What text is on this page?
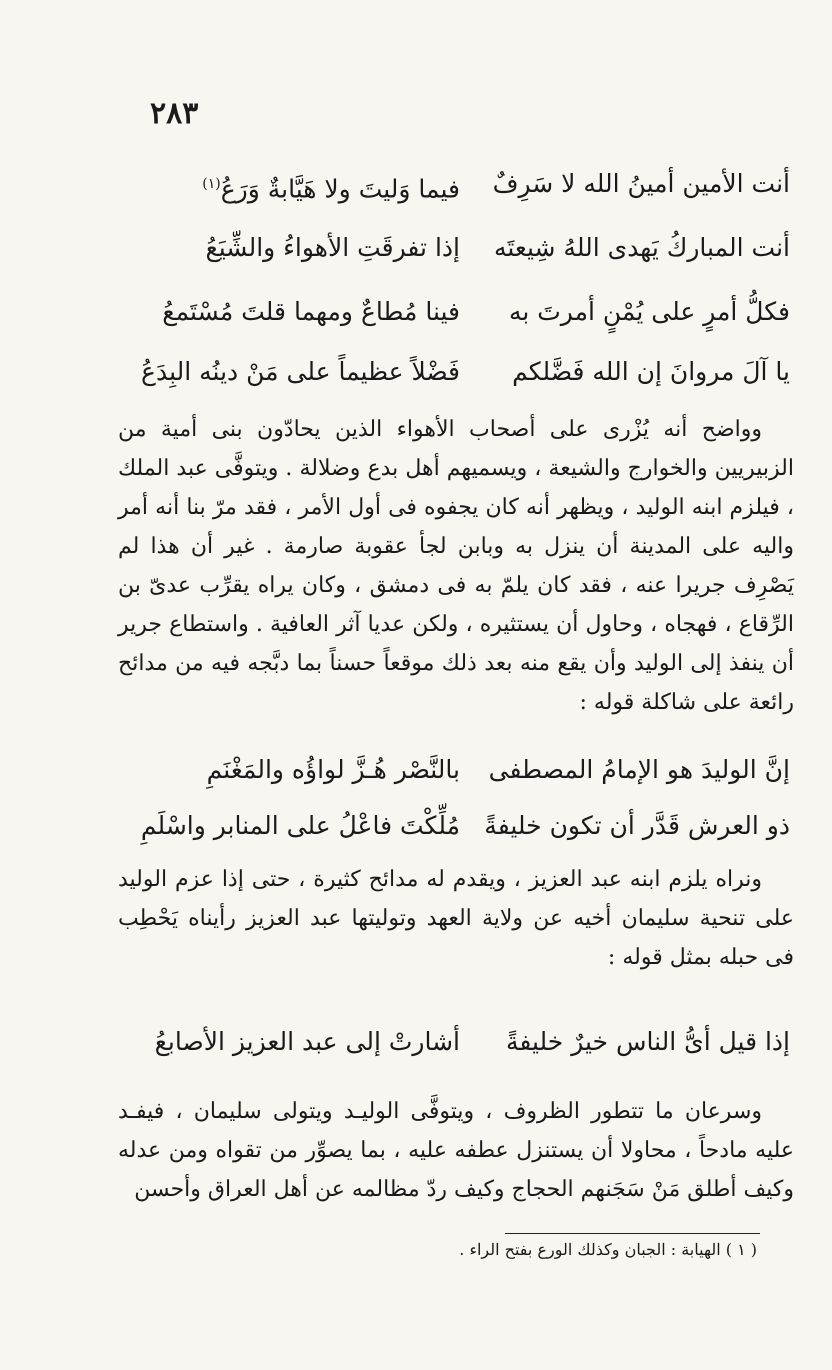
٢٨٣
أنت الأمين أمينُ الله لا سَرِفٌ
فيما وَليتَ ولا هَيَّابةٌ وَرَعُ$^{(١)}$
أنت المباركُ يَهدى اللهُ شِيعتَه
إذا تفرقَتِ الأهواءُ والشِّيَعُ
فكلُّ أمرٍ على يُمْنٍ أمرتَ به
فينا مُطاعٌ ومهما قلتَ مُسْتَمعُ
يا آلَ مروانَ إن الله فَضَّلكم
فَضْلاً عظيماً على مَنْ دينُه البِدَعُ

وواضح أنه يُزْرى على أصحاب الأهواء الذين يحادّون بنى أمية من الزبيريين والخوارج والشيعة ، ويسميهم أهل بدع وضلالة . ويتوفَّى عبد الملك ، فيلزم ابنه الوليد ، ويظهر أنه كان يجفوه فى أول الأمر ، فقد مرّ بنا أنه أمر واليه على المدينة أن ينزل به وبابن لجأ عقوبة صارمة . غير أن هذا لم يَصْرِف جريرا عنه ، فقد كان يلمّ به فى دمشق ، وكان يراه يقرِّب عدىّ بن الرِّقاع ، فهجاه ، وحاول أن يستثيره ، ولكن عديا آثر العافية . واستطاع جرير أن ينفذ إلى الوليد وأن يقع منه بعد ذلك موقعاً حسناً بما دبَّجه فيه من مدائح رائعة على شاكلة قوله :

إنَّ الوليدَ هو الإمامُ المصطفى
بالنَّصْر هُـزَّ لواؤُه والمَغْنَمِ
ذو العرش قَدَّر أن تكون خليفةً
مُلِّكْتَ فاعْلُ على المنابر واسْلَمِ

ونراه يلزم ابنه عبد العزيز ، ويقدم له مدائح كثيرة ، حتى إذا عزم الوليد على تنحية سليمان أخيه عن ولاية العهد وتوليتها عبد العزيز رأيناه يَحْطِب فى حبله بمثل قوله :

إذا قيل أىُّ الناس خيرٌ خليفةً
أشارتْ إلى عبد العزيز الأصابعُ

وسرعان ما تتطور الظروف ، ويتوفَّى الوليـد ويتولى سليمان ، فيفـد عليه مادحاً ، محاولا أن يستنزل عطفه عليه ، بما يصوِّر من تقواه ومن عدله وكيف أطلق مَنْ سَجَنهم الحجاج وكيف ردّ مظالمه عن أهل العراق وأحسن

( ١ ) الهيابة : الجبان وكذلك الورع بفتح الراء .
